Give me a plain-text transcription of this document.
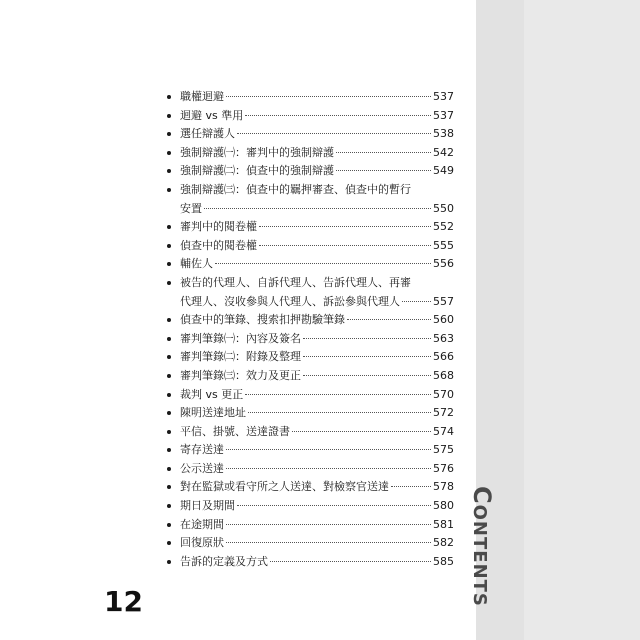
CONTENTS
職權迴避	537
迴避 vs 準用	537
選任辯護人	538
強制辯護㈠：審判中的強制辯護	542
強制辯護㈡：偵查中的強制辯護	549
強制辯護㈢：偵查中的羈押審查、偵查中的暫行
安置	550
審判中的閱卷權	552
偵查中的閱卷權	555
輔佐人	556
被告的代理人、自訴代理人、告訴代理人、再審
代理人、沒收參與人代理人、訴訟參與代理人	557
偵查中的筆錄、搜索扣押勘驗筆錄	560
審判筆錄㈠：內容及簽名	563
審判筆錄㈡：附錄及整理	566
審判筆錄㈢：效力及更正	568
裁判 vs 更正	570
陳明送達地址	572
平信、掛號、送達證書	574
寄存送達	575
公示送達	576
對在監獄或看守所之人送達、對檢察官送達	578
期日及期間	580
在途期間	581
回復原狀	582
告訴的定義及方式	585
12
